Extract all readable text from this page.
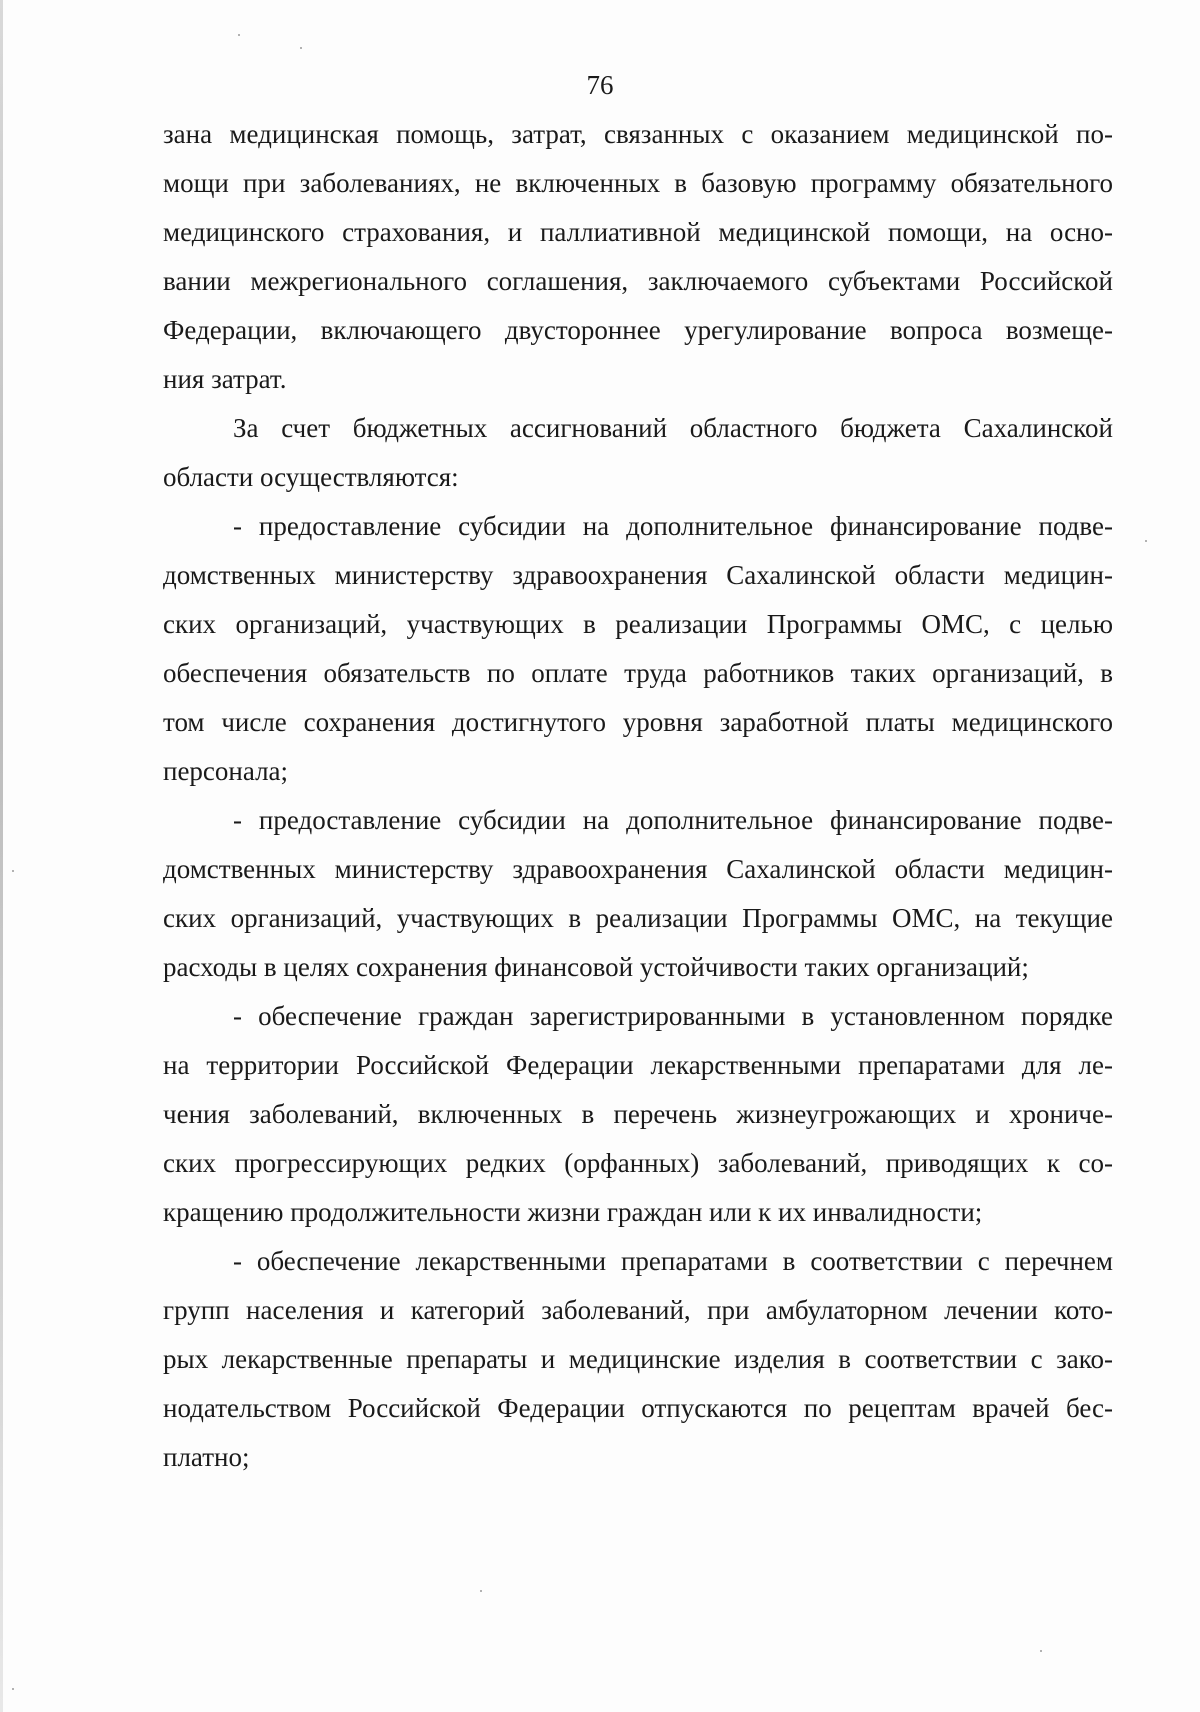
76
зана медицинская помощь, затрат, связанных с оказанием медицинской по-
мощи при заболеваниях, не включенных в базовую программу обязательного
медицинского страхования, и паллиативной медицинской помощи, на осно-
вании межрегионального соглашения, заключаемого субъектами Российской
Федерации, включающего двустороннее урегулирование вопроса возмеще-
ния затрат.
За счет бюджетных ассигнований областного бюджета Сахалинской
области осуществляются:
- предоставление субсидии на дополнительное финансирование подве-
домственных министерству здравоохранения Сахалинской области медицин-
ских организаций, участвующих в реализации Программы ОМС, с целью
обеспечения обязательств по оплате труда работников таких организаций, в
том числе сохранения достигнутого уровня заработной платы медицинского
персонала;
- предоставление субсидии на дополнительное финансирование подве-
домственных министерству здравоохранения Сахалинской области медицин-
ских организаций, участвующих в реализации Программы ОМС, на текущие
расходы в целях сохранения финансовой устойчивости таких организаций;
- обеспечение граждан зарегистрированными в установленном порядке
на территории Российской Федерации лекарственными препаратами для ле-
чения заболеваний, включенных в перечень жизнеугрожающих и хрониче-
ских прогрессирующих редких (орфанных) заболеваний, приводящих к со-
кращению продолжительности жизни граждан или к их инвалидности;
- обеспечение лекарственными препаратами в соответствии с перечнем
групп населения и категорий заболеваний, при амбулаторном лечении кото-
рых лекарственные препараты и медицинские изделия в соответствии с зако-
нодательством Российской Федерации отпускаются по рецептам врачей бес-
платно;
